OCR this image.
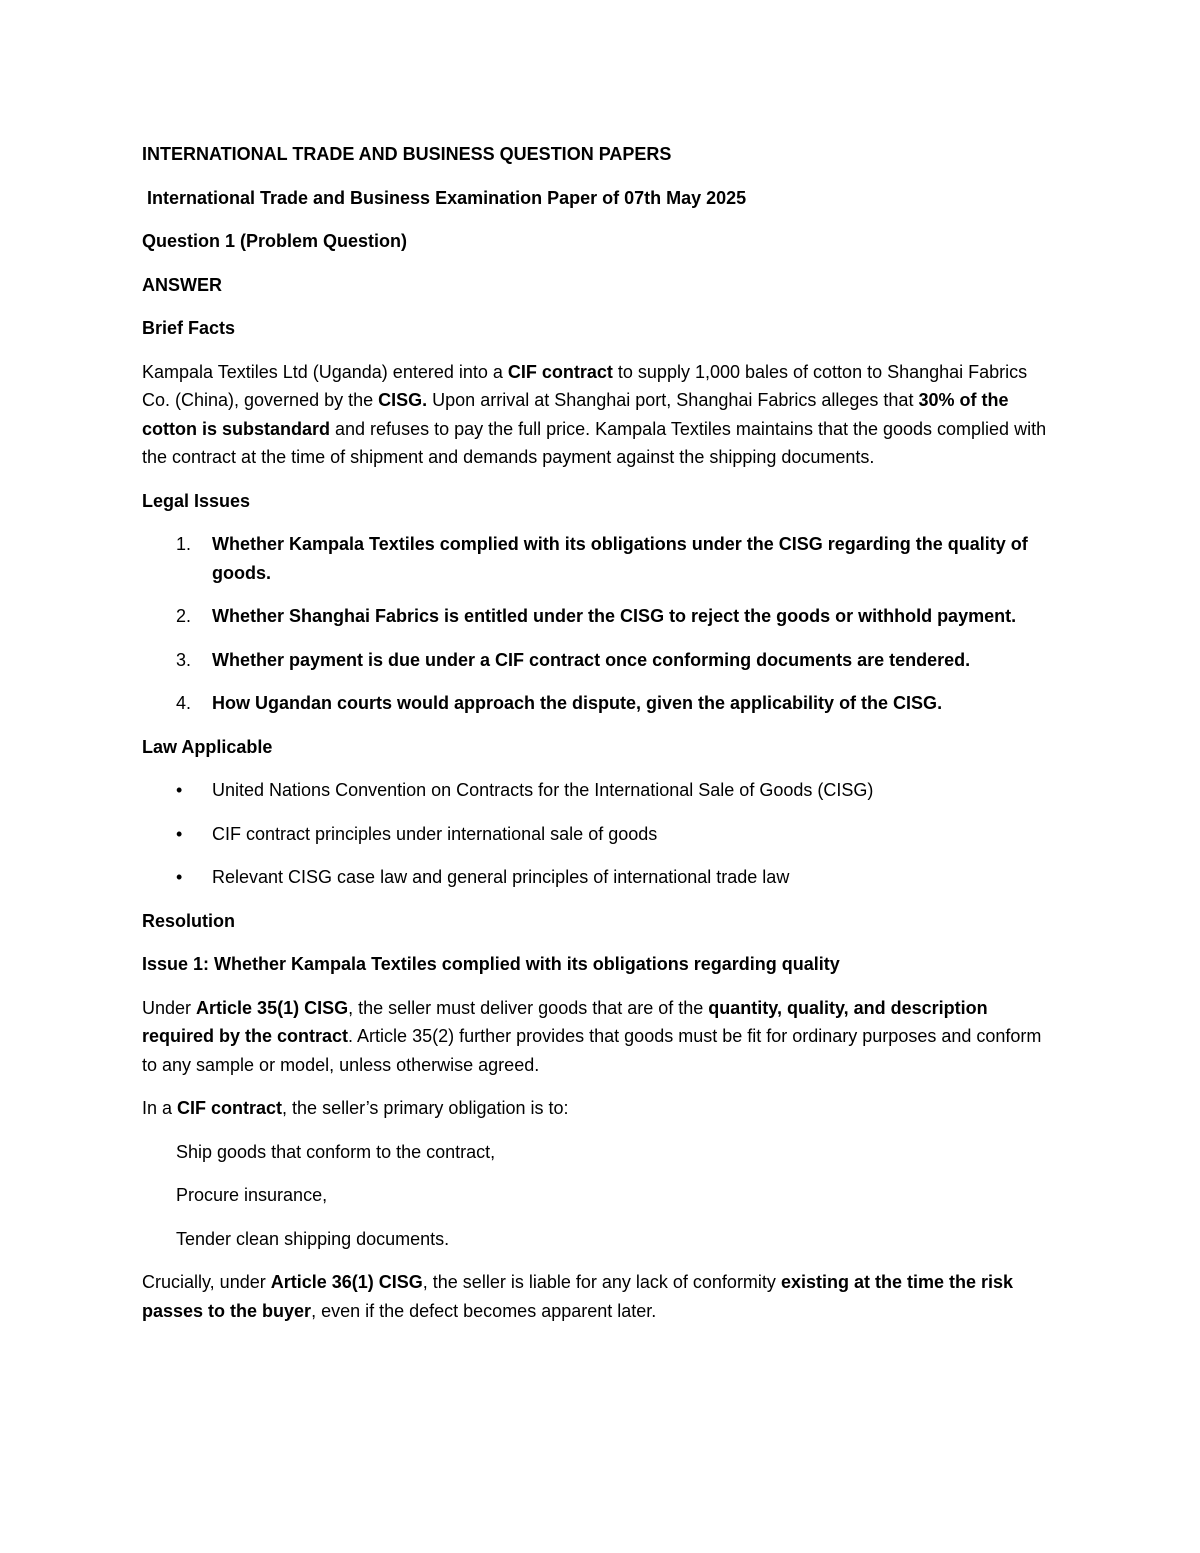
INTERNATIONAL TRADE AND BUSINESS QUESTION PAPERS

International Trade and Business Examination Paper of 07th May 2025

Question 1 (Problem Question)

ANSWER

Brief Facts

Kampala Textiles Ltd (Uganda) entered into a CIF contract to supply 1,000 bales of cotton to Shanghai Fabrics Co. (China), governed by the CISG. Upon arrival at Shanghai port, Shanghai Fabrics alleges that 30% of the cotton is substandard and refuses to pay the full price. Kampala Textiles maintains that the goods complied with the contract at the time of shipment and demands payment against the shipping documents.

Legal Issues

1. Whether Kampala Textiles complied with its obligations under the CISG regarding the quality of goods.
2. Whether Shanghai Fabrics is entitled under the CISG to reject the goods or withhold payment.
3. Whether payment is due under a CIF contract once conforming documents are tendered.
4. How Ugandan courts would approach the dispute, given the applicability of the CISG.

Law Applicable

• United Nations Convention on Contracts for the International Sale of Goods (CISG)
• CIF contract principles under international sale of goods
• Relevant CISG case law and general principles of international trade law

Resolution

Issue 1: Whether Kampala Textiles complied with its obligations regarding quality

Under Article 35(1) CISG, the seller must deliver goods that are of the quantity, quality, and description required by the contract. Article 35(2) further provides that goods must be fit for ordinary purposes and conform to any sample or model, unless otherwise agreed.

In a CIF contract, the seller’s primary obligation is to:

Ship goods that conform to the contract,
Procure insurance,
Tender clean shipping documents.

Crucially, under Article 36(1) CISG, the seller is liable for any lack of conformity existing at the time the risk passes to the buyer, even if the defect becomes apparent later.
